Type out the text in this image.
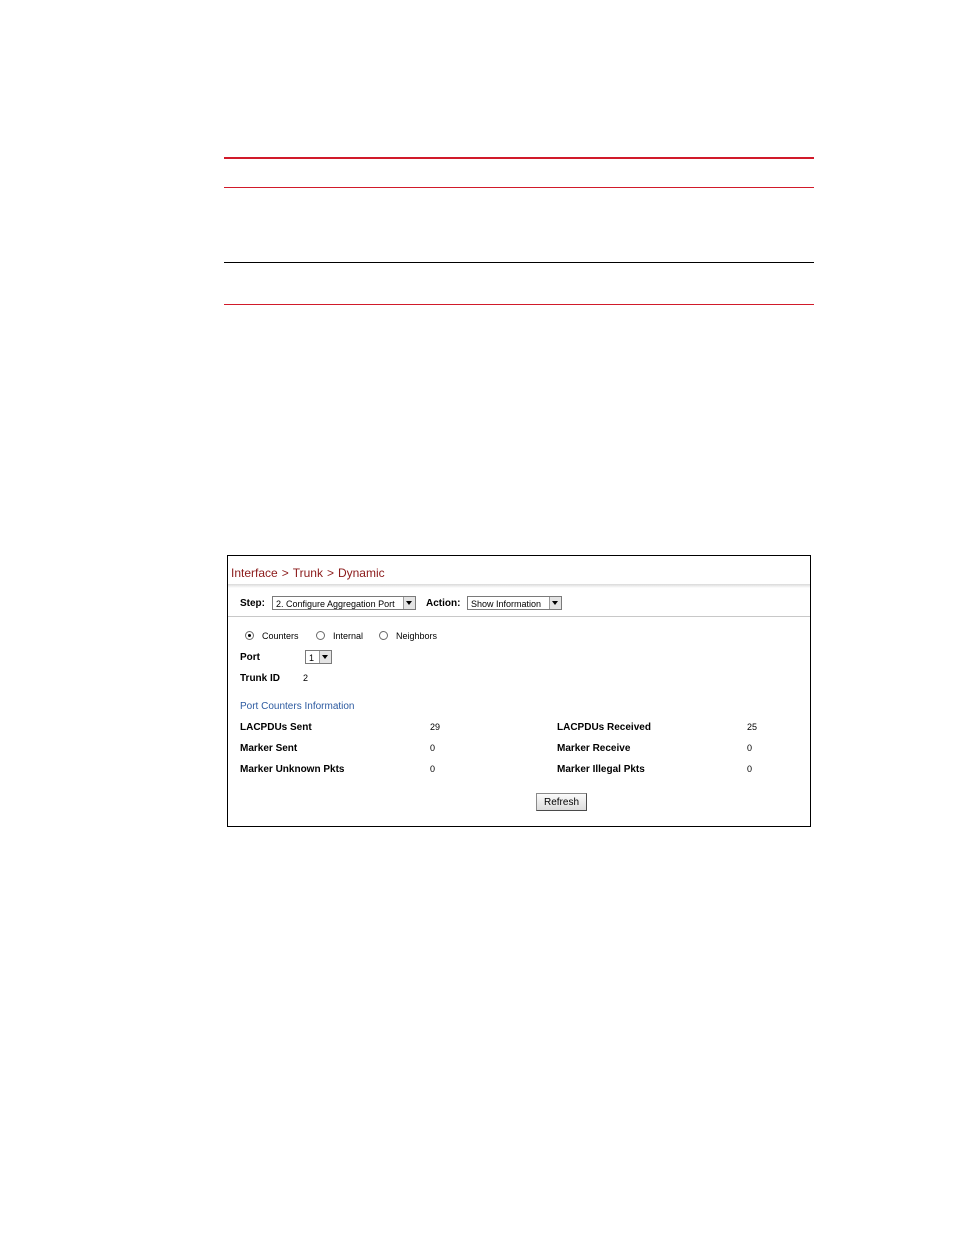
Interface > Trunk > Dynamic
Step:	2. Configure Aggregation Port	Action:	Show Information
Counters	Internal	Neighbors
Port	1
Trunk ID	2
Port Counters Information
LACPDUs Sent	29	LACPDUs Received	25
Marker Sent	0	Marker Receive	0
Marker Unknown Pkts	0	Marker Illegal Pkts	0
Refresh
